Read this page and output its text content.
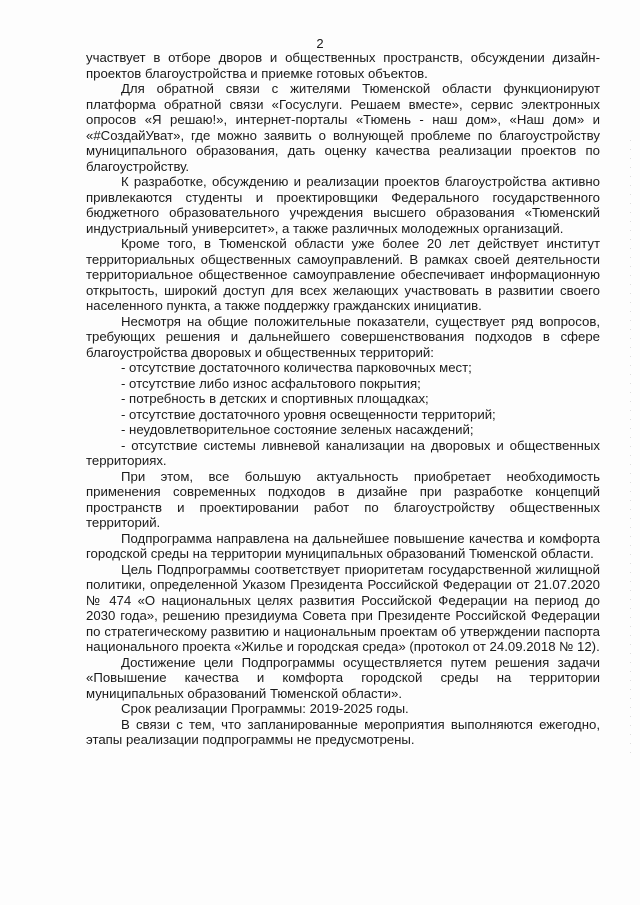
2

участвует в отборе дворов и общественных пространств, обсуждении дизайн-проектов благоустройства и приемке готовых объектов.

Для обратной связи с жителями Тюменской области функционируют платформа обратной связи «Госуслуги. Решаем вместе», сервис электронных опросов «Я решаю!», интернет-порталы «Тюмень - наш дом», «Наш дом» и «#СоздайУват», где можно заявить о волнующей проблеме по благоустройству муниципального образования, дать оценку качества реализации проектов по благоустройству.

К разработке, обсуждению и реализации проектов благоустройства активно привлекаются студенты и проектировщики Федерального государственного бюджетного образовательного учреждения высшего образования «Тюменский индустриальный университет», а также различных молодежных организаций.

Кроме того, в Тюменской области уже более 20 лет действует институт территориальных общественных самоуправлений. В рамках своей деятельности территориальное общественное самоуправление обеспечивает информационную открытость, широкий доступ для всех желающих участвовать в развитии своего населенного пункта, а также поддержку гражданских инициатив.

Несмотря на общие положительные показатели, существует ряд вопросов, требующих решения и дальнейшего совершенствования подходов в сфере благоустройства дворовых и общественных территорий:

- отсутствие достаточного количества парковочных мест;
- отсутствие либо износ асфальтового покрытия;
- потребность в детских и спортивных площадках;
- отсутствие достаточного уровня освещенности территорий;
- неудовлетворительное состояние зеленых насаждений;
- отсутствие системы ливневой канализации на дворовых и общественных территориях.

При этом, все большую актуальность приобретает необходимость применения современных подходов в дизайне при разработке концепций пространств и проектировании работ по благоустройству общественных территорий.

Подпрограмма направлена на дальнейшее повышение качества и комфорта городской среды на территории муниципальных образований Тюменской области.

Цель Подпрограммы соответствует приоритетам государственной жилищной политики, определенной Указом Президента Российской Федерации от 21.07.2020 № 474 «О национальных целях развития Российской Федерации на период до 2030 года», решению президиума Совета при Президенте Российской Федерации по стратегическому развитию и национальным проектам об утверждении паспорта национального проекта «Жилье и городская среда» (протокол от 24.09.2018 № 12).

Достижение цели Подпрограммы осуществляется путем решения задачи «Повышение качества и комфорта городской среды на территории муниципальных образований Тюменской области».

Срок реализации Программы: 2019-2025 годы.

В связи с тем, что запланированные мероприятия выполняются ежегодно, этапы реализации подпрограммы не предусмотрены.
